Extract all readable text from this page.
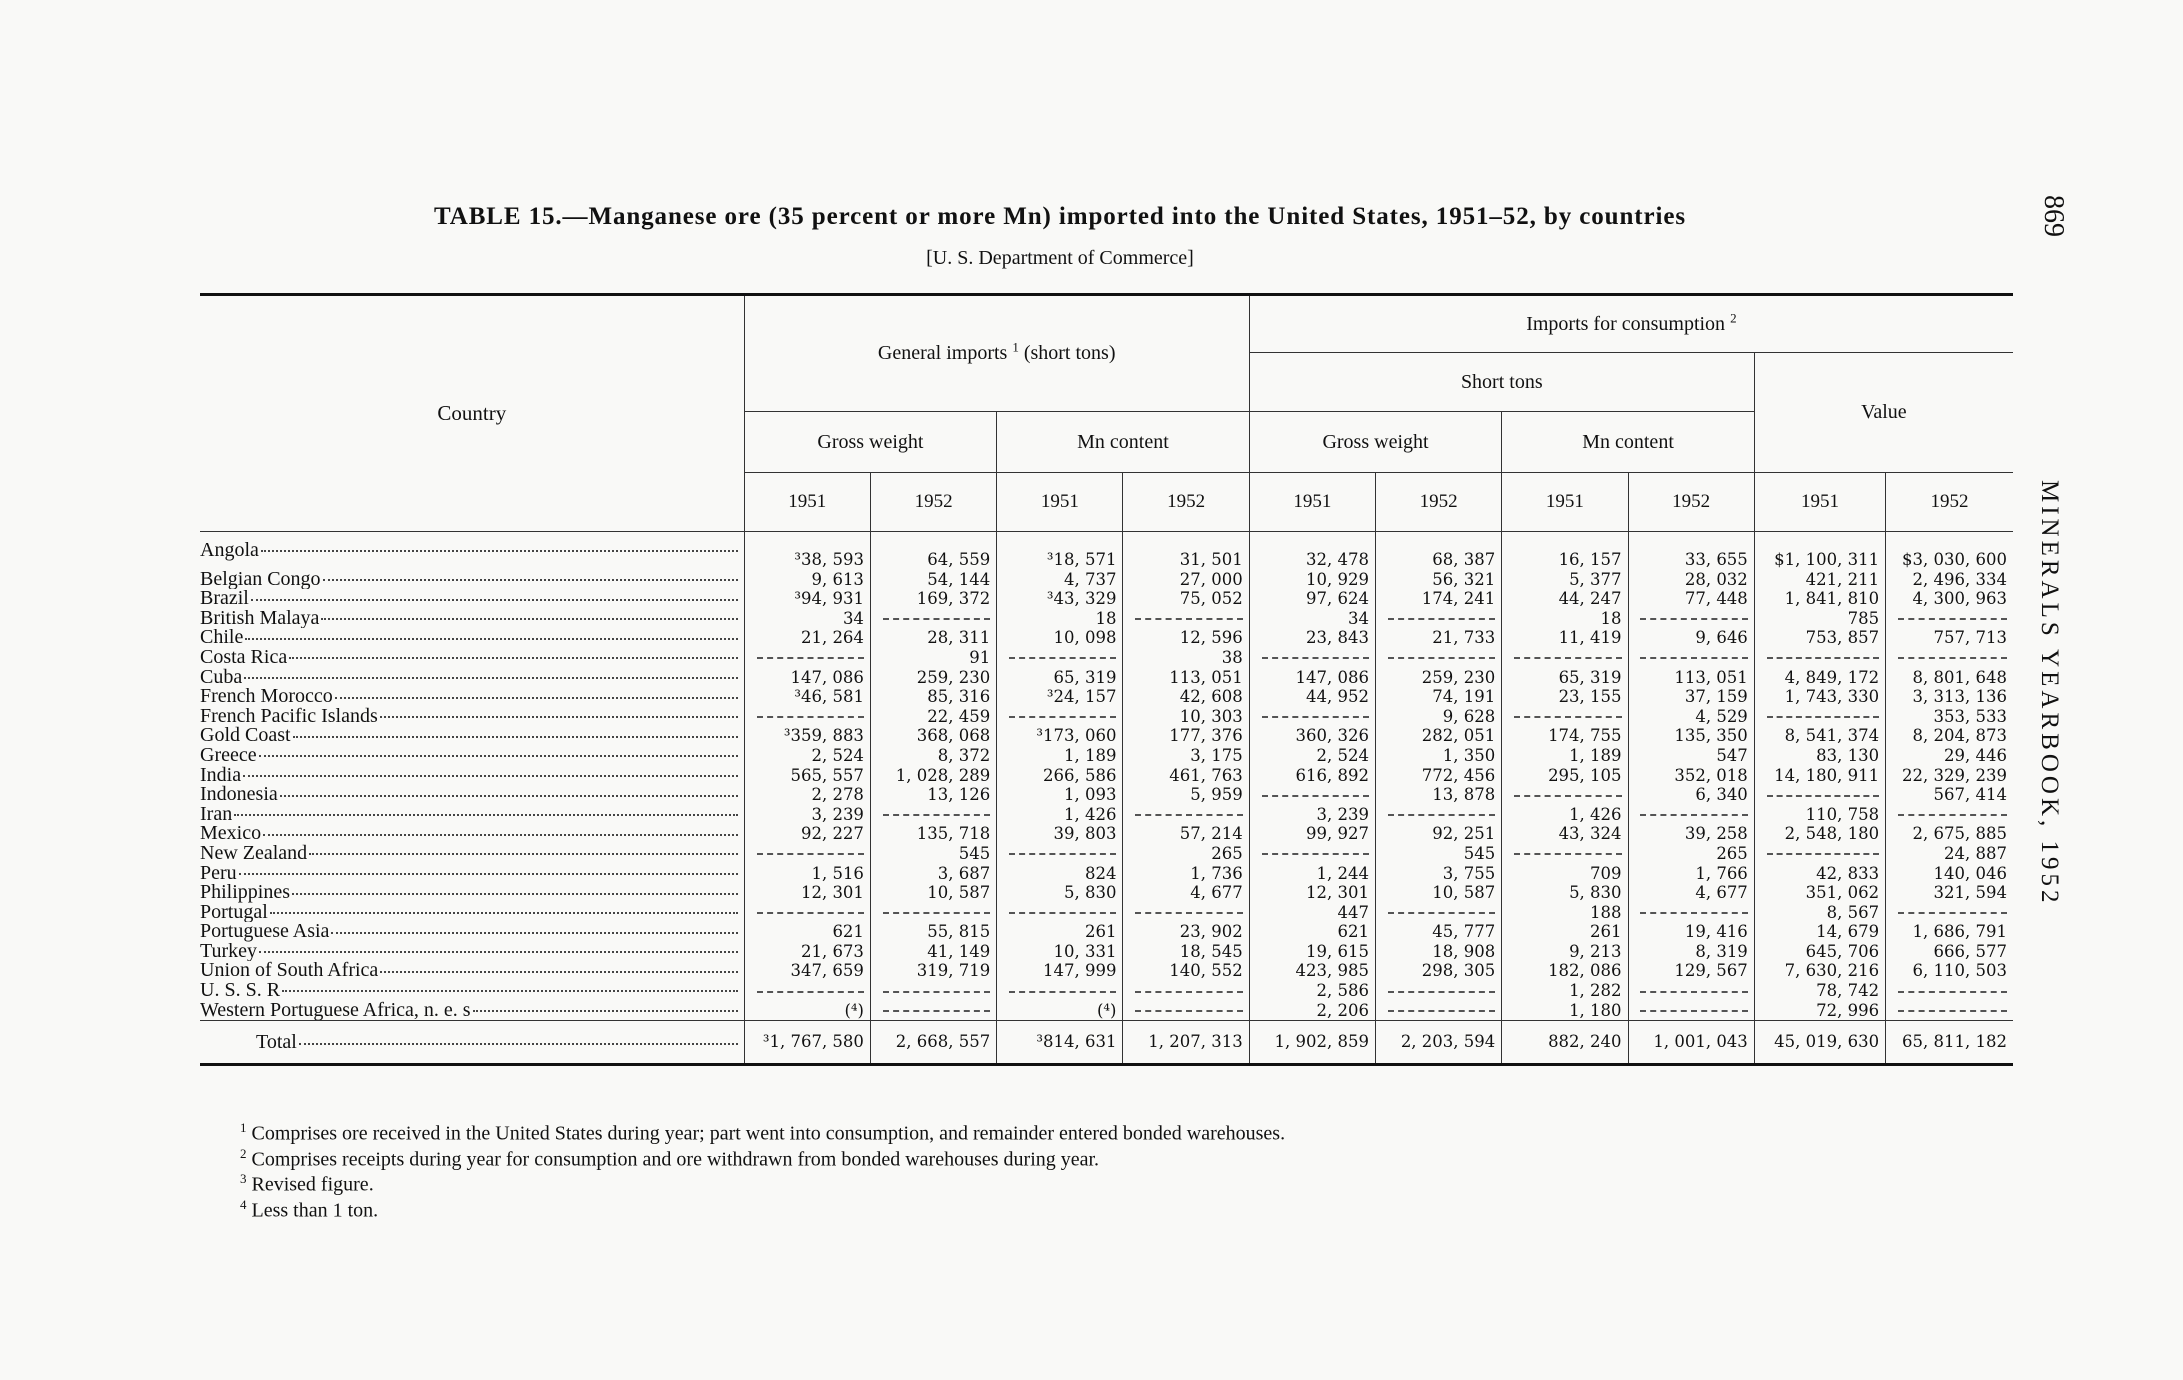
TABLE 15.—Manganese ore (35 percent or more Mn) imported into the United States, 1951–52, by countries
[U. S. Department of Commerce]
869
MINERALS YEARBOOK, 1952
Country	General imports $^1$ (short tons)				Imports for consumption $^2$
					Short tons				Value	
	Gross weight		Mn content		Gross weight		Mn content			
	1951	1952	1951	1952	1951	1952	1951	1952	1951	1952
Angola	³38, 593	64, 559	³18, 571	31, 501	32, 478	68, 387	16, 157	33, 655	$1, 100, 311	$3, 030, 600
Belgian Congo	9, 613	54, 144	4, 737	27, 000	10, 929	56, 321	5, 377	28, 032	421, 211	2, 496, 334
Brazil	³94, 931	169, 372	³43, 329	75, 052	97, 624	174, 241	44, 247	77, 448	1, 841, 810	4, 300, 963
British Malaya	34		18		34		18		785	
Chile	21, 264	28, 311	10, 098	12, 596	23, 843	21, 733	11, 419	9, 646	753, 857	757, 713
Costa Rica		91		38						
Cuba	147, 086	259, 230	65, 319	113, 051	147, 086	259, 230	65, 319	113, 051	4, 849, 172	8, 801, 648
French Morocco	³46, 581	85, 316	³24, 157	42, 608	44, 952	74, 191	23, 155	37, 159	1, 743, 330	3, 313, 136
French Pacific Islands		22, 459		10, 303		9, 628		4, 529		353, 533
Gold Coast	³359, 883	368, 068	³173, 060	177, 376	360, 326	282, 051	174, 755	135, 350	8, 541, 374	8, 204, 873
Greece	2, 524	8, 372	1, 189	3, 175	2, 524	1, 350	1, 189	547	83, 130	29, 446
India	565, 557	1, 028, 289	266, 586	461, 763	616, 892	772, 456	295, 105	352, 018	14, 180, 911	22, 329, 239
Indonesia	2, 278	13, 126	1, 093	5, 959		13, 878		6, 340		567, 414
Iran	3, 239		1, 426		3, 239		1, 426		110, 758	
Mexico	92, 227	135, 718	39, 803	57, 214	99, 927	92, 251	43, 324	39, 258	2, 548, 180	2, 675, 885
New Zealand		545		265		545		265		24, 887
Peru	1, 516	3, 687	824	1, 736	1, 244	3, 755	709	1, 766	42, 833	140, 046
Philippines	12, 301	10, 587	5, 830	4, 677	12, 301	10, 587	5, 830	4, 677	351, 062	321, 594
Portugal					447		188		8, 567	
Portuguese Asia	621	55, 815	261	23, 902	621	45, 777	261	19, 416	14, 679	1, 686, 791
Turkey	21, 673	41, 149	10, 331	18, 545	19, 615	18, 908	9, 213	8, 319	645, 706	666, 577
Union of South Africa	347, 659	319, 719	147, 999	140, 552	423, 985	298, 305	182, 086	129, 567	7, 630, 216	6, 110, 503
U. S. S. R					2, 586		1, 282		78, 742	
Western Portuguese Africa, n. e. s	(⁴)		(⁴)		2, 206		1, 180		72, 996	
Total	³1, 767, 580	2, 668, 557	³814, 631	1, 207, 313	1, 902, 859	2, 203, 594	882, 240	1, 001, 043	45, 019, 630	65, 811, 182
$^1$ Comprises ore received in the United States during year; part went into consumption, and remainder entered bonded warehouses.
$^2$ Comprises receipts during year for consumption and ore withdrawn from bonded warehouses during year.
$^3$ Revised figure.
$^4$ Less than 1 ton.
